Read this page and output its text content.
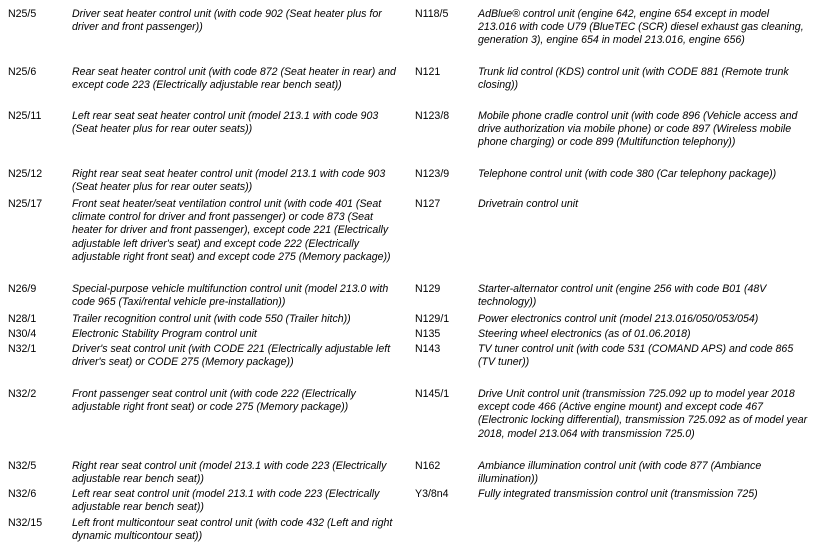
N25/5	Driver seat heater control unit (with code 902 (Seat heater plus for driver and front passenger))
N25/6	Rear seat heater control unit (with code 872 (Seat heater in rear) and except code 223 (Electrically adjustable rear bench seat))
N25/11	Left rear seat seat heater control unit (model 213.1 with code 903 (Seat heater plus for rear outer seats))
N25/12	Right rear seat seat heater control unit (model 213.1 with code 903 (Seat heater plus for rear outer seats))
N25/17	Front seat heater/seat ventilation control unit (with code 401 (Seat climate control for driver and front passenger) or code 873 (Seat heater for driver and front passenger), except code 221 (Electrically adjustable left driver's seat) and except code 222 (Electrically adjustable right front seat) and except code 275 (Memory package))
N26/9	Special-purpose vehicle multifunction control unit (model 213.0 with code 965 (Taxi/rental vehicle pre-installation))
N28/1	Trailer recognition control unit (with code 550 (Trailer hitch))
N30/4	Electronic Stability Program control unit
N32/1	Driver's seat control unit (with CODE 221 (Electrically adjustable left driver's seat) or CODE 275 (Memory package))
N32/2	Front passenger seat control unit (with code 222 (Electrically adjustable right front seat) or code 275 (Memory package))
N32/5	Right rear seat control unit (model 213.1 with code 223 (Electrically adjustable rear bench seat))
N32/6	Left rear seat control unit (model 213.1 with code 223 (Electrically adjustable rear bench seat))
N32/15	Left front multicontour seat control unit (with code 432 (Left and right dynamic multicontour seat))
N118/5	AdBlue® control unit (engine 642, engine 654 except in model 213.016 with code U79 (BlueTEC (SCR) diesel exhaust gas cleaning, generation 3), engine 654 in model 213.016, engine 656)
N121	Trunk lid control (KDS) control unit (with CODE 881 (Remote trunk closing))
N123/8	Mobile phone cradle control unit (with code 896 (Vehicle access and drive authorization via mobile phone) or code 897 (Wireless mobile phone charging) or code 899 (Multifunction telephony))
N123/9	Telephone control unit (with code 380 (Car telephony package))
N127	Drivetrain control unit
N129	Starter-alternator control unit (engine 256 with code B01 (48V technology))
N129/1	Power electronics control unit (model 213.016/050/053/054)
N135	Steering wheel electronics (as of 01.06.2018)
N143	TV tuner control unit (with code 531 (COMAND APS) and code 865 (TV tuner))
N145/1	Drive Unit control unit (transmission 725.092 up to model year 2018 except code 466 (Active engine mount) and except code 467 (Electronic locking differential), transmission 725.092 as of model year 2018, model 213.064 with transmission 725.0)
N162	Ambiance illumination control unit (with code 877 (Ambiance illumination))
Y3/8n4	Fully integrated transmission control unit (transmission 725)
